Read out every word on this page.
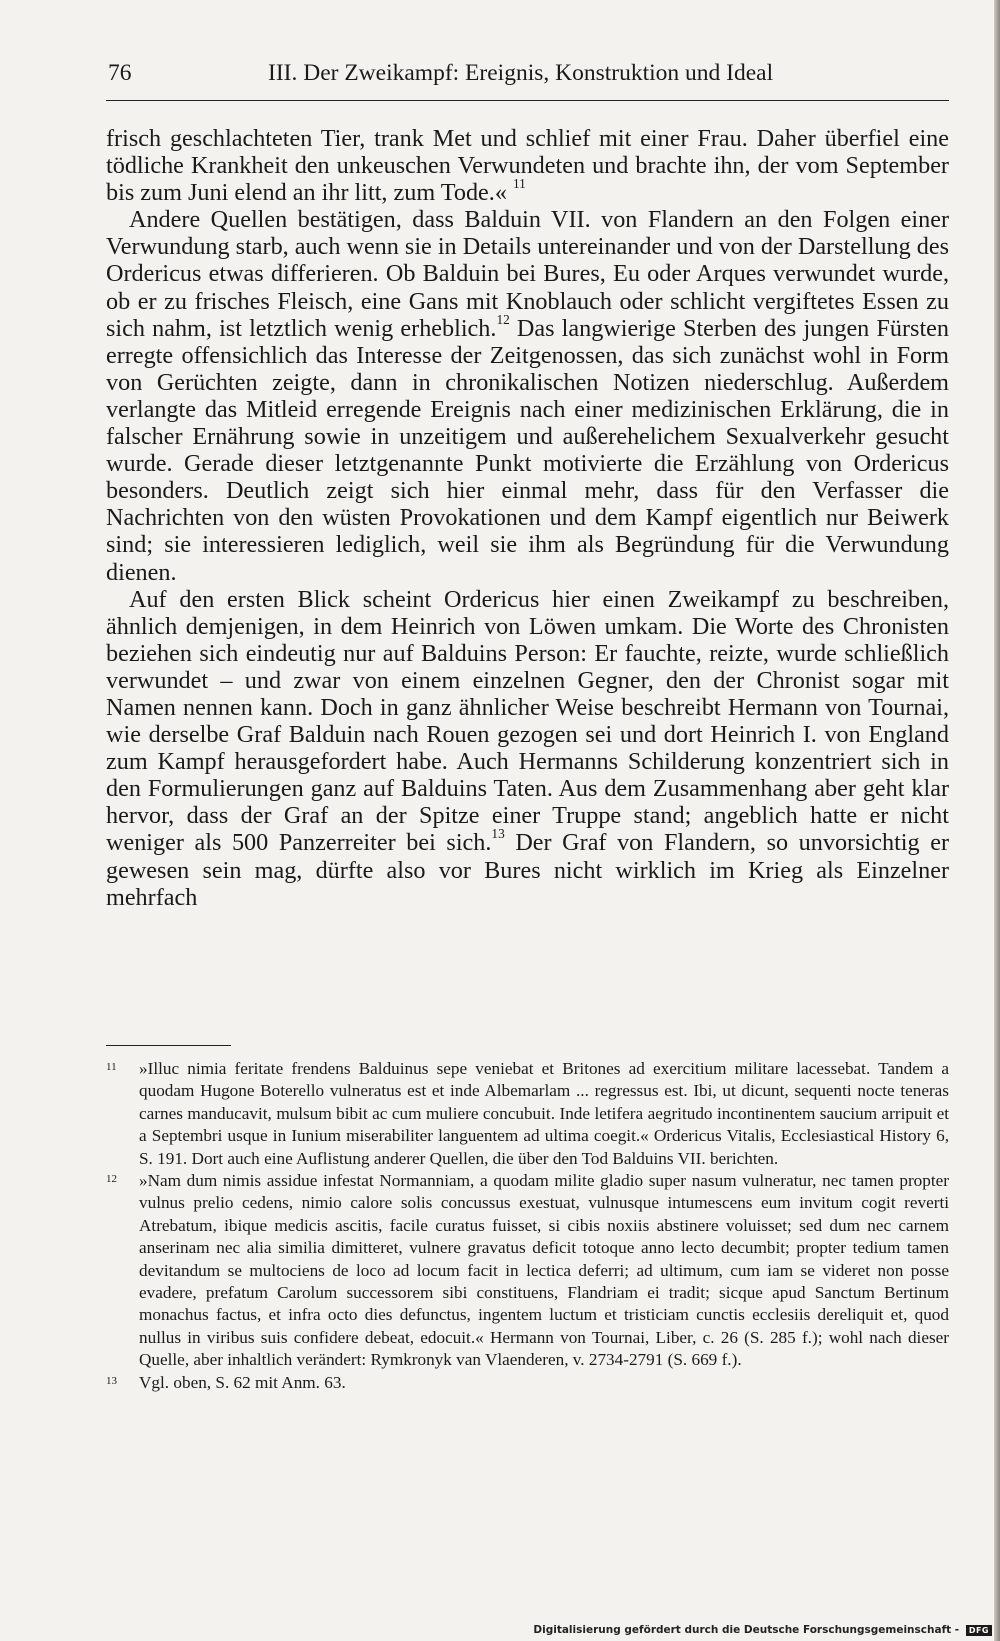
76	III. Der Zweikampf: Ereignis, Konstruktion und Ideal

frisch geschlachteten Tier, trank Met und schlief mit einer Frau. Daher überfiel eine tödliche Krankheit den unkeuschen Verwundeten und brachte ihn, der vom September bis zum Juni elend an ihr litt, zum Tode.« $^{11}$

Andere Quellen bestätigen, dass Balduin VII. von Flandern an den Folgen einer Verwundung starb, auch wenn sie in Details untereinander und von der Darstellung des Ordericus etwas differieren. Ob Balduin bei Bures, Eu oder Arques verwundet wurde, ob er zu frisches Fleisch, eine Gans mit Knoblauch oder schlicht vergiftetes Essen zu sich nahm, ist letztlich wenig erheblich.$^{12}$ Das langwierige Sterben des jungen Fürsten erregte offensichlich das Interesse der Zeitgenossen, das sich zunächst wohl in Form von Gerüchten zeigte, dann in chronikalischen Notizen niederschlug. Außerdem verlangte das Mitleid erregende Ereignis nach einer medizinischen Erklärung, die in falscher Ernährung sowie in unzeitigem und außerehelichem Sexualverkehr gesucht wurde. Gerade dieser letztgenannte Punkt motivierte die Erzählung von Ordericus besonders. Deutlich zeigt sich hier einmal mehr, dass für den Verfasser die Nachrichten von den wüsten Provokationen und dem Kampf eigentlich nur Beiwerk sind; sie interessieren lediglich, weil sie ihm als Begründung für die Verwundung dienen.

Auf den ersten Blick scheint Ordericus hier einen Zweikampf zu beschreiben, ähnlich demjenigen, in dem Heinrich von Löwen umkam. Die Worte des Chronisten beziehen sich eindeutig nur auf Balduins Person: Er fauchte, reizte, wurde schließlich verwundet – und zwar von einem einzelnen Gegner, den der Chronist sogar mit Namen nennen kann. Doch in ganz ähnlicher Weise beschreibt Hermann von Tournai, wie derselbe Graf Balduin nach Rouen gezogen sei und dort Heinrich I. von England zum Kampf herausgefordert habe. Auch Hermanns Schilderung konzentriert sich in den Formulierungen ganz auf Balduins Taten. Aus dem Zusammenhang aber geht klar hervor, dass der Graf an der Spitze einer Truppe stand; angeblich hatte er nicht weniger als 500 Panzerreiter bei sich.$^{13}$ Der Graf von Flandern, so unvorsichtig er gewesen sein mag, dürfte also vor Bures nicht wirklich im Krieg als Einzelner mehrfach

11 »Illuc nimia feritate frendens Balduinus sepe veniebat et Britones ad exercitium militare lacessebat. Tandem a quodam Hugone Boterello vulneratus est et inde Albemarlam ... regressus est. Ibi, ut dicunt, sequenti nocte teneras carnes manducavit, mulsum bibit ac cum muliere concubuit. Inde letifera aegritudo incontinentem saucium arripuit et a Septembri usque in Iunium miserabiliter languentem ad ultima coegit.« Ordericus Vitalis, Ecclesiastical History 6, S. 191. Dort auch eine Auflistung anderer Quellen, die über den Tod Balduins VII. berichten.

12 »Nam dum nimis assidue infestat Normanniam, a quodam milite gladio super nasum vulneratur, nec tamen propter vulnus prelio cedens, nimio calore solis concussus exestuat, vulnusque intumescens eum invitum cogit reverti Atrebatum, ibique medicis ascitis, facile curatus fuisset, si cibis noxiis abstinere voluisset; sed dum nec carnem anserinam nec alia similia dimitteret, vulnere gravatus deficit totoque anno lecto decumbit; propter tedium tamen devitandum se multociens de loco ad locum facit in lectica deferri; ad ultimum, cum iam se videret non posse evadere, prefatum Carolum successorem sibi constituens, Flandriam ei tradit; sicque apud Sanctum Bertinum monachus factus, et infra octo dies defunctus, ingentem luctum et tristiciam cunctis ecclesiis dereliquit et, quod nullus in viribus suis confidere debeat, edocuit.« Hermann von Tournai, Liber, c. 26 (S. 285 f.); wohl nach dieser Quelle, aber inhaltlich verändert: Rymkronyk van Vlaenderen, v. 2734-2791 (S. 669 f.).

13 Vgl. oben, S. 62 mit Anm. 63.

Digitalisierung gefördert durch die Deutsche Forschungsgemeinschaft - DFG
